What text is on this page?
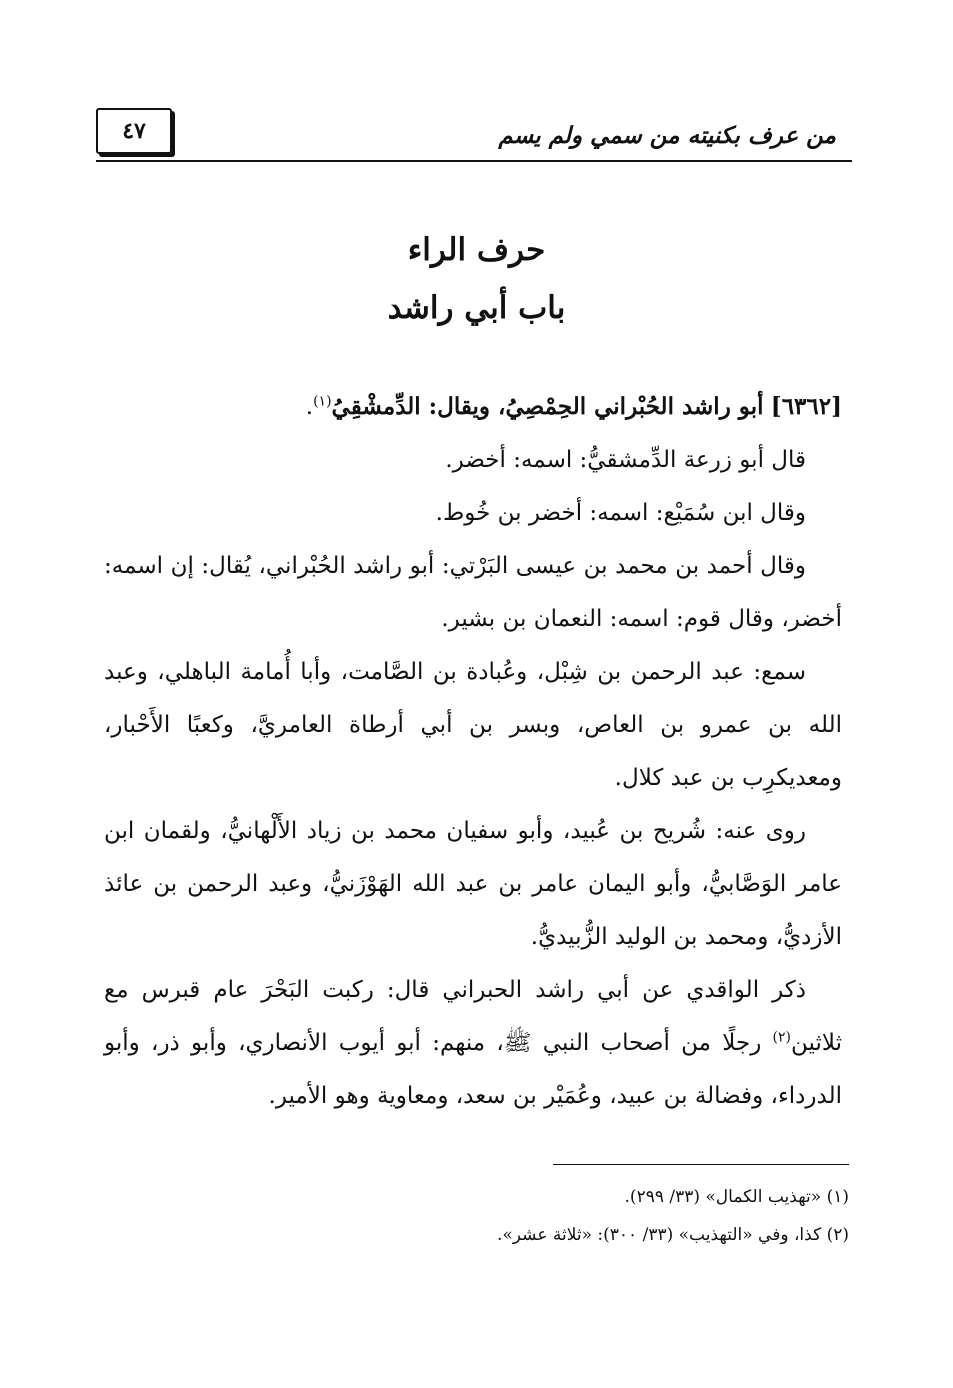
من عرف بكنيته من سمي ولم يسم
٤٧
حرف الراء
باب أبي راشد

[٦٣٦٢] أبو راشد الحُبْراني الحِمْصِيُ، ويقال: الدِّمشْقِيُ$^{(١)}$.

قال أبو زرعة الدِّمشقيُّ: اسمه: أخضر.

وقال ابن سُمَيْع: اسمه: أخضر بن خُوط.

وقال أحمد بن محمد بن عيسى البَرْتي: أبو راشد الحُبْراني، يُقال: إن اسمه: أخضر، وقال قوم: اسمه: النعمان بن بشير.

سمع: عبد الرحمن بن شِبْل، وعُبادة بن الصَّامت، وأبا أُمامة الباهلي، وعبد الله بن عمرو بن العاص، وبسر بن أبي أرطاة العامريَّ، وكعبًا الأَحْبار، ومعديكرِب بن عبد كلال.

روى عنه: شُريح بن عُبيد، وأبو سفيان محمد بن زياد الأَلْهانيُّ، ولقمان ابن عامر الوَصَّابيُّ، وأبو اليمان عامر بن عبد الله الهَوْزَنيُّ، وعبد الرحمن بن عائذ الأزديُّ، ومحمد بن الوليد الزُّبيديُّ.

ذكر الواقدي عن أبي راشد الحبراني قال: ركبت البَحْرَ عام قبرس مع ثلاثين$^{(٢)}$ رجلًا من أصحاب النبي ﷺ، منهم: أبو أيوب الأنصاري، وأبو ذر، وأبو الدرداء، وفضالة بن عبيد، وعُمَيْر بن سعد، ومعاوية وهو الأمير.

(١) «تهذيب الكمال» (٣٣/ ٢٩٩).

(٢) كذا، وفي «التهذيب» (٣٣/ ٣٠٠): «ثلاثة عشر».
